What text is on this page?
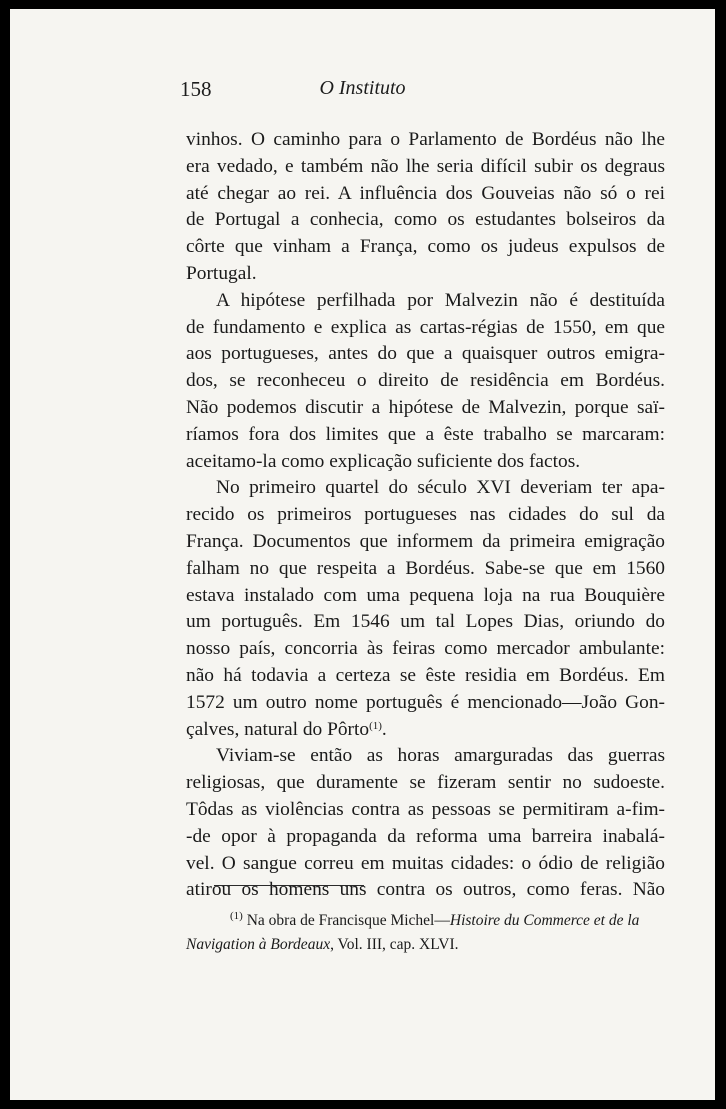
158	O Instituto

vinhos. O caminho para o Parlamento de Bordéus não lhe
era vedado, e também não lhe seria difícil subir os degraus
até chegar ao rei. A influência dos Gouveias não só o rei
de Portugal a conhecia, como os estudantes bolseiros da
côrte que vinham a França, como os judeus expulsos de
Portugal.

A hipótese perfilhada por Malvezin não é destituída
de fundamento e explica as cartas-régias de 1550, em que
aos portugueses, antes do que a quaisquer outros emigra-
dos, se reconheceu o direito de residência em Bordéus.
Não podemos discutir a hipótese de Malvezin, porque saï-
ríamos fora dos limites que a êste trabalho se marcaram:
aceitamo-la como explicação suficiente dos factos.

No primeiro quartel do século XVI deveriam ter apa-
recido os primeiros portugueses nas cidades do sul da
França. Documentos que informem da primeira emigração
falham no que respeita a Bordéus. Sabe-se que em 1560
estava instalado com uma pequena loja na rua Bouquière
um português. Em 1546 um tal Lopes Dias, oriundo do
nosso país, concorria às feiras como mercador ambulante:
não há todavia a certeza se êste residia em Bordéus. Em
1572 um outro nome português é mencionado—João Gon-
çalves, natural do Pôrto$^{(1)}$.

Viviam-se então as horas amarguradas das guerras
religiosas, que duramente se fizeram sentir no sudoeste.
Tôdas as violências contra as pessoas se permitiram a-fim-
-de opor à propaganda da reforma uma barreira inabalá-
vel. O sangue correu em muitas cidades: o ódio de religião
atirou os homens uns contra os outros, como feras. Não

$^{(1)}$ Na obra de Francisque Michel—Histoire du Commerce et de la
Navigation à Bordeaux, Vol. III, cap. XLVI.
